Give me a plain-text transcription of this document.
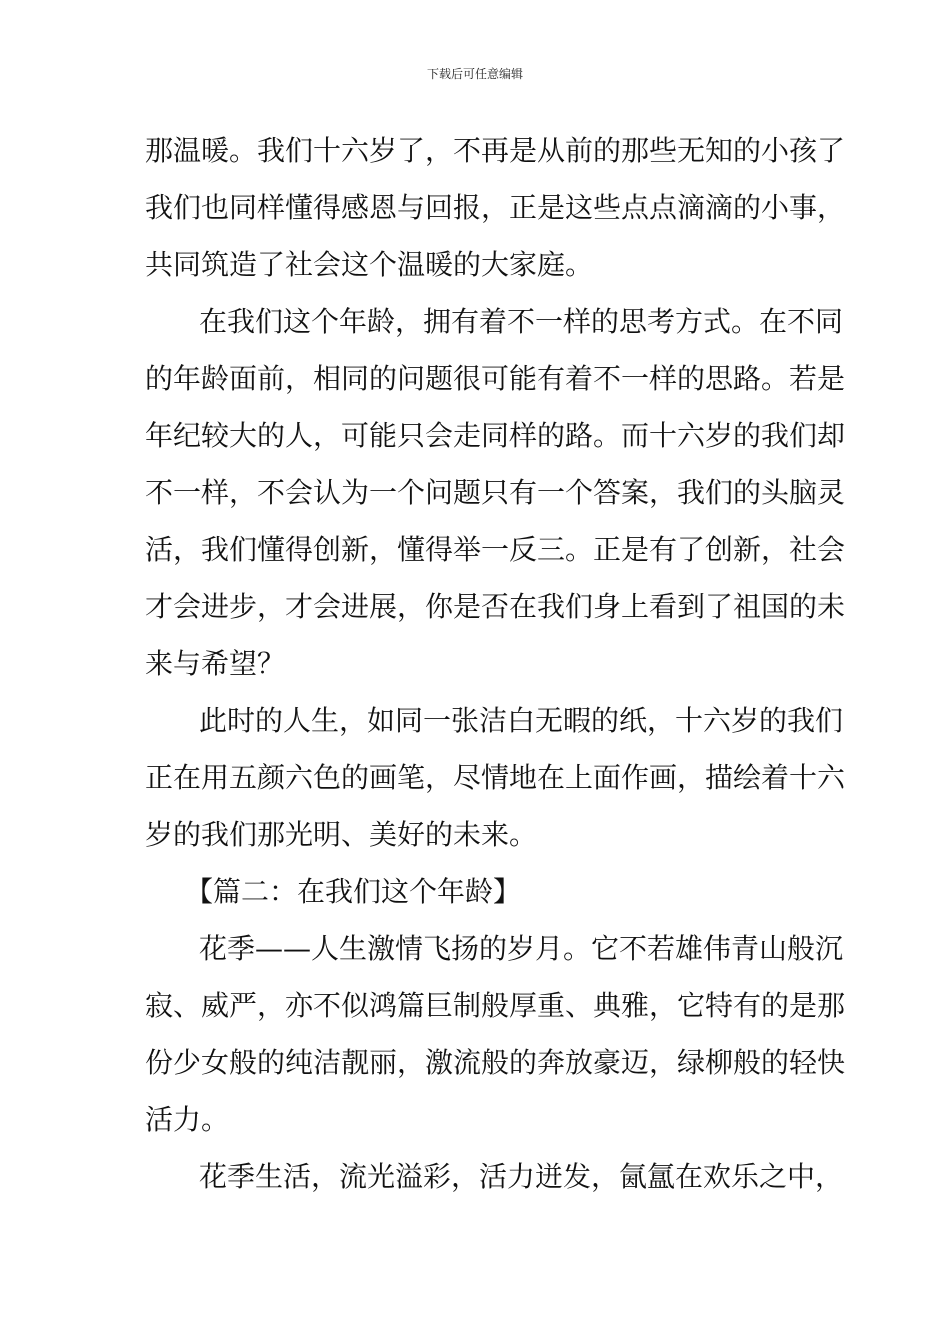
下载后可任意编辑
那温暖。我们十六岁了，不再是从前的那些无知的小孩了
我们也同样懂得感恩与回报，正是这些点点滴滴的小事，
共同筑造了社会这个温暖的大家庭。
在我们这个年龄，拥有着不一样的思考方式。在不同
的年龄面前，相同的问题很可能有着不一样的思路。若是
年纪较大的人，可能只会走同样的路。而十六岁的我们却
不一样，不会认为一个问题只有一个答案，我们的头脑灵
活，我们懂得创新，懂得举一反三。正是有了创新，社会
才会进步，才会进展，你是否在我们身上看到了祖国的未
来与希望？
此时的人生，如同一张洁白无暇的纸，十六岁的我们
正在用五颜六色的画笔，尽情地在上面作画，描绘着十六
岁的我们那光明、美好的未来。
【篇二：在我们这个年龄】
花季——人生激情飞扬的岁月。它不若雄伟青山般沉
寂、威严，亦不似鸿篇巨制般厚重、典雅，它特有的是那
份少女般的纯洁靓丽，激流般的奔放豪迈，绿柳般的轻快
活力。
花季生活，流光溢彩，活力迸发，氤氲在欢乐之中，
